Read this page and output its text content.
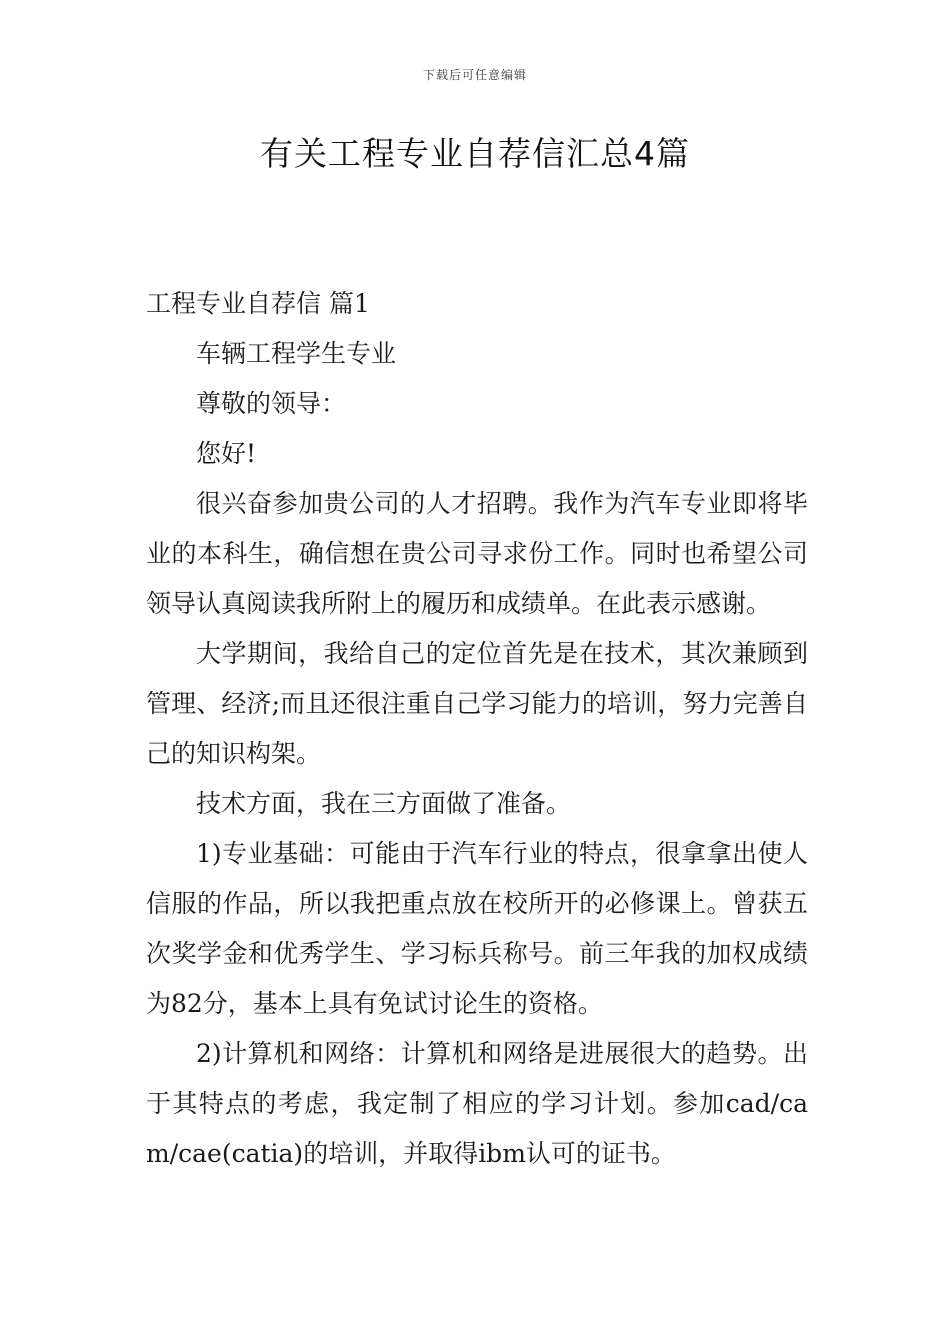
下载后可任意编辑
有关工程专业自荐信汇总4篇

工程专业自荐信 篇1

车辆工程学生专业

尊敬的领导：

您好!

很兴奋参加贵公司的人才招聘。我作为汽车专业即将毕业的本科生，确信想在贵公司寻求份工作。同时也希望公司领导认真阅读我所附上的履历和成绩单。在此表示感谢。

大学期间，我给自己的定位首先是在技术，其次兼顾到管理、经济;而且还很注重自己学习能力的培训，努力完善自己的知识构架。

技术方面，我在三方面做了准备。

1)专业基础：可能由于汽车行业的特点，很拿拿出使人信服的作品，所以我把重点放在校所开的必修课上。曾获五次奖学金和优秀学生、学习标兵称号。前三年我的加权成绩为82分，基本上具有免试讨论生的资格。

2)计算机和网络：计算机和网络是进展很大的趋势。出于其特点的考虑，我定制了相应的学习计划。参加cad/cam/cae(catia)的培训，并取得ibm认可的证书。
